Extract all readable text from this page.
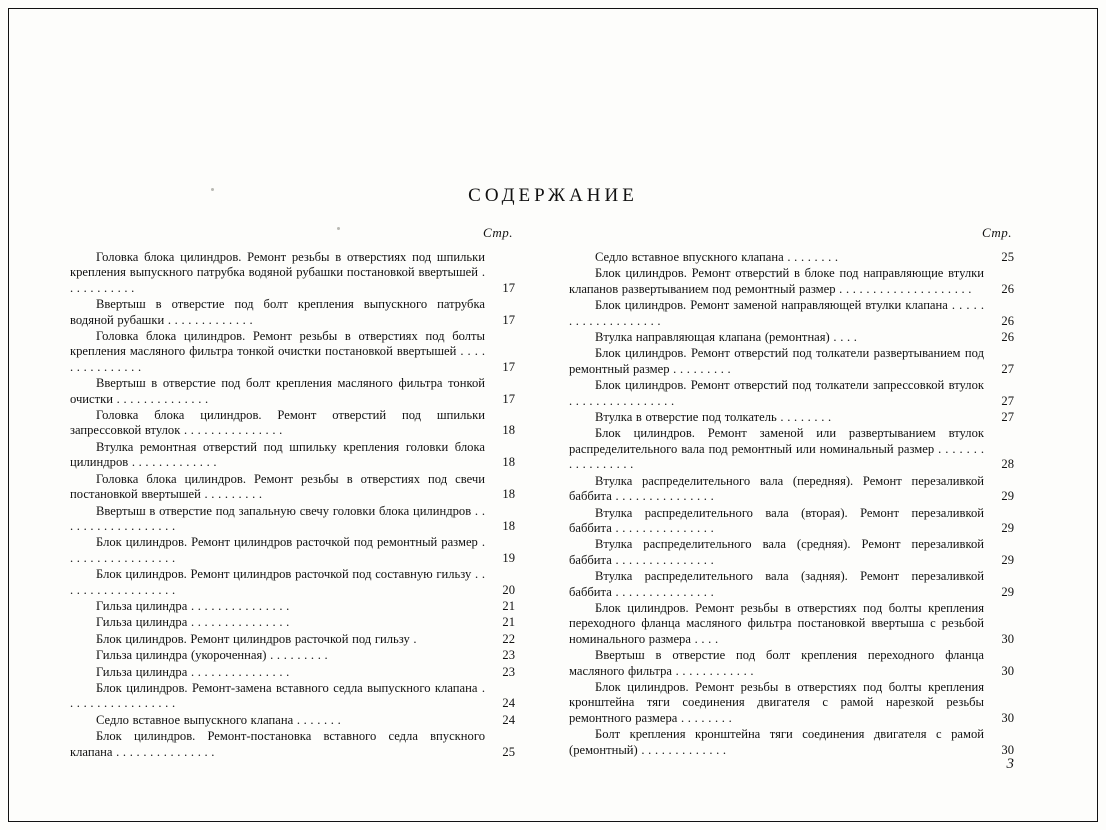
СОДЕРЖАНИЕ
Стр.
Головка блока цилиндров. Ремонт резьбы в отверстиях под шпильки крепления выпускного патрубка водяной рубашки постановкой ввертышей . . . . . . . . . . .	17
Ввертыш в отверстие под болт крепления выпускного патрубка водяной рубашки . . . . . . . . . . . . .	17
Головка блока цилиндров. Ремонт резьбы в отверстиях под болты крепления масляного фильтра тонкой очистки постановкой ввертышей . . . . . . . . . . . . . . .	17
Ввертыш в отверстие под болт крепления масляного фильтра тонкой очистки . . . . . . . . . . . . . .	17
Головка блока цилиндров. Ремонт отверстий под шпильки запрессовкой втулок . . . . . . . . . . . . . . .	18
Втулка ремонтная отверстий под шпильку крепления головки блока цилиндров . . . . . . . . . . . . .	18
Головка блока цилиндров. Ремонт резьбы в отверстиях под свечи постановкой ввертышей . . . . . . . . .	18
Ввертыш в отверстие под запальную свечу головки блока цилиндров . . . . . . . . . . . . . . . . . .	18
Блок цилиндров. Ремонт цилиндров расточкой под ремонтный размер . . . . . . . . . . . . . . . . .	19
Блок цилиндров. Ремонт цилиндров расточкой под составную гильзу . . . . . . . . . . . . . . . . . .	20
Гильза цилиндра . . . . . . . . . . . . . . .	21
Гильза цилиндра . . . . . . . . . . . . . . .	21
Блок цилиндров. Ремонт цилиндров расточкой под гильзу .	22
Гильза цилиндра (укороченная) . . . . . . . . .	23
Гильза цилиндра . . . . . . . . . . . . . . .	23
Блок цилиндров. Ремонт-замена вставного седла выпускного клапана . . . . . . . . . . . . . . . . .	24
Седло вставное выпускного клапана . . . . . . .	24
Блок цилиндров. Ремонт-постановка вставного седла впускного клапана . . . . . . . . . . . . . . .	25
Стр.
Седло вставное впускного клапана . . . . . . . .	25
Блок цилиндров. Ремонт отверстий в блоке под направляющие втулки клапанов развертыванием под ремонтный размер . . . . . . . . . . . . . . . . . . . .	26
Блок цилиндров. Ремонт заменой направляющей втулки клапана . . . . . . . . . . . . . . . . . . .	26
Втулка направляющая клапана (ремонтная) . . . .	26
Блок цилиндров. Ремонт отверстий под толкатели развертыванием под ремонтный размер . . . . . . . . .	27
Блок цилиндров. Ремонт отверстий под толкатели запрессовкой втулок . . . . . . . . . . . . . . . .	27
Втулка в отверстие под толкатель . . . . . . . .	27
Блок цилиндров. Ремонт заменой или развертыванием втулок распределительного вала под ремонтный или номинальный размер . . . . . . . . . . . . . . . . .	28
Втулка распределительного вала (передняя). Ремонт перезаливкой баббита . . . . . . . . . . . . . . .	29
Втулка распределительного вала (вторая). Ремонт перезаливкой баббита . . . . . . . . . . . . . . .	29
Втулка распределительного вала (средняя). Ремонт перезаливкой баббита . . . . . . . . . . . . . . .	29
Втулка распределительного вала (задняя). Ремонт перезаливкой баббита . . . . . . . . . . . . . . .	29
Блок цилиндров. Ремонт резьбы в отверстиях под болты крепления переходного фланца масляного фильтра постановкой ввертыша с резьбой номинального размера . . . .	30
Ввертыш в отверстие под болт крепления переходного фланца масляного фильтра . . . . . . . . . . . .	30
Блок цилиндров. Ремонт резьбы в отверстиях под болты крепления кронштейна тяги соединения двигателя с рамой нарезкой резьбы ремонтного размера . . . . . . . .	30
Болт крепления кронштейна тяги соединения двигателя с рамой (ремонтный) . . . . . . . . . . . . .	30
3
